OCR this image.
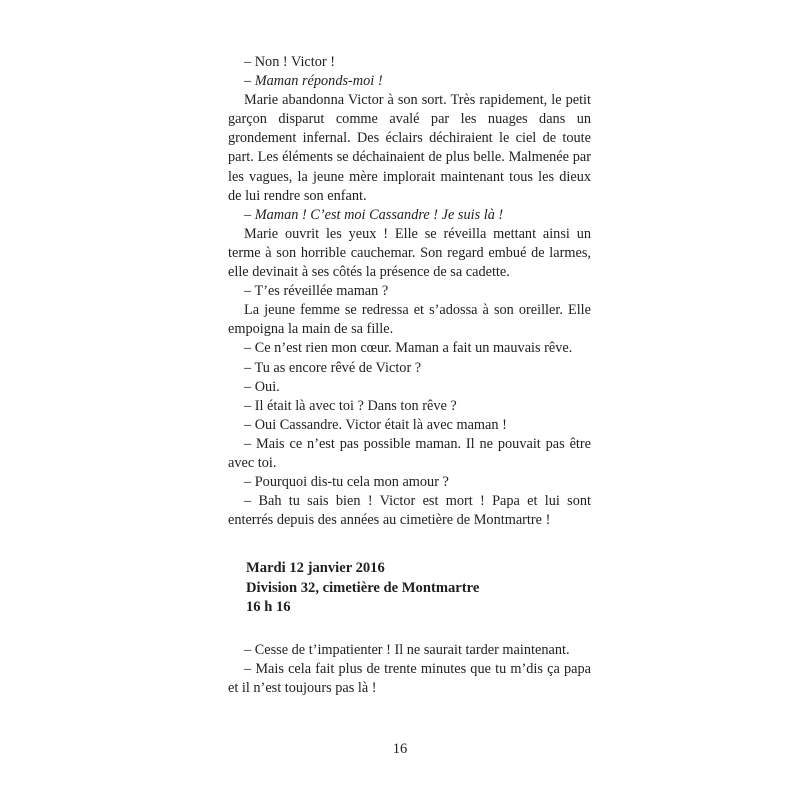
– Non ! Victor !

– Maman réponds-moi !

Marie abandonna Victor à son sort. Très rapidement, le petit garçon disparut comme avalé par les nuages dans un grondement infernal. Des éclairs déchiraient le ciel de toute part. Les éléments se déchainaient de plus belle. Malmenée par les vagues, la jeune mère implorait maintenant tous les dieux de lui rendre son enfant.

– Maman ! C’est moi Cassandre ! Je suis là !

Marie ouvrit les yeux ! Elle se réveilla mettant ainsi un terme à son horrible cauchemar. Son regard embué de larmes, elle devinait à ses côtés la présence de sa cadette.

– T’es réveillée maman ?

La jeune femme se redressa et s’adossa à son oreiller. Elle empoigna la main de sa fille.

– Ce n’est rien mon cœur. Maman a fait un mauvais rêve.

– Tu as encore rêvé de Victor ?

– Oui.

– Il était là avec toi ? Dans ton rêve ?

– Oui Cassandre. Victor était là avec maman !

– Mais ce n’est pas possible maman. Il ne pouvait pas être avec toi.

– Pourquoi dis-tu cela mon amour ?

– Bah tu sais bien ! Victor est mort ! Papa et lui sont enterrés depuis des années au cimetière de Montmartre !

Mardi 12 janvier 2016
Division 32, cimetière de Montmartre
16 h 16

– Cesse de t’impatienter ! Il ne saurait tarder maintenant.

– Mais cela fait plus de trente minutes que tu m’dis ça papa et il n’est toujours pas là !

16
